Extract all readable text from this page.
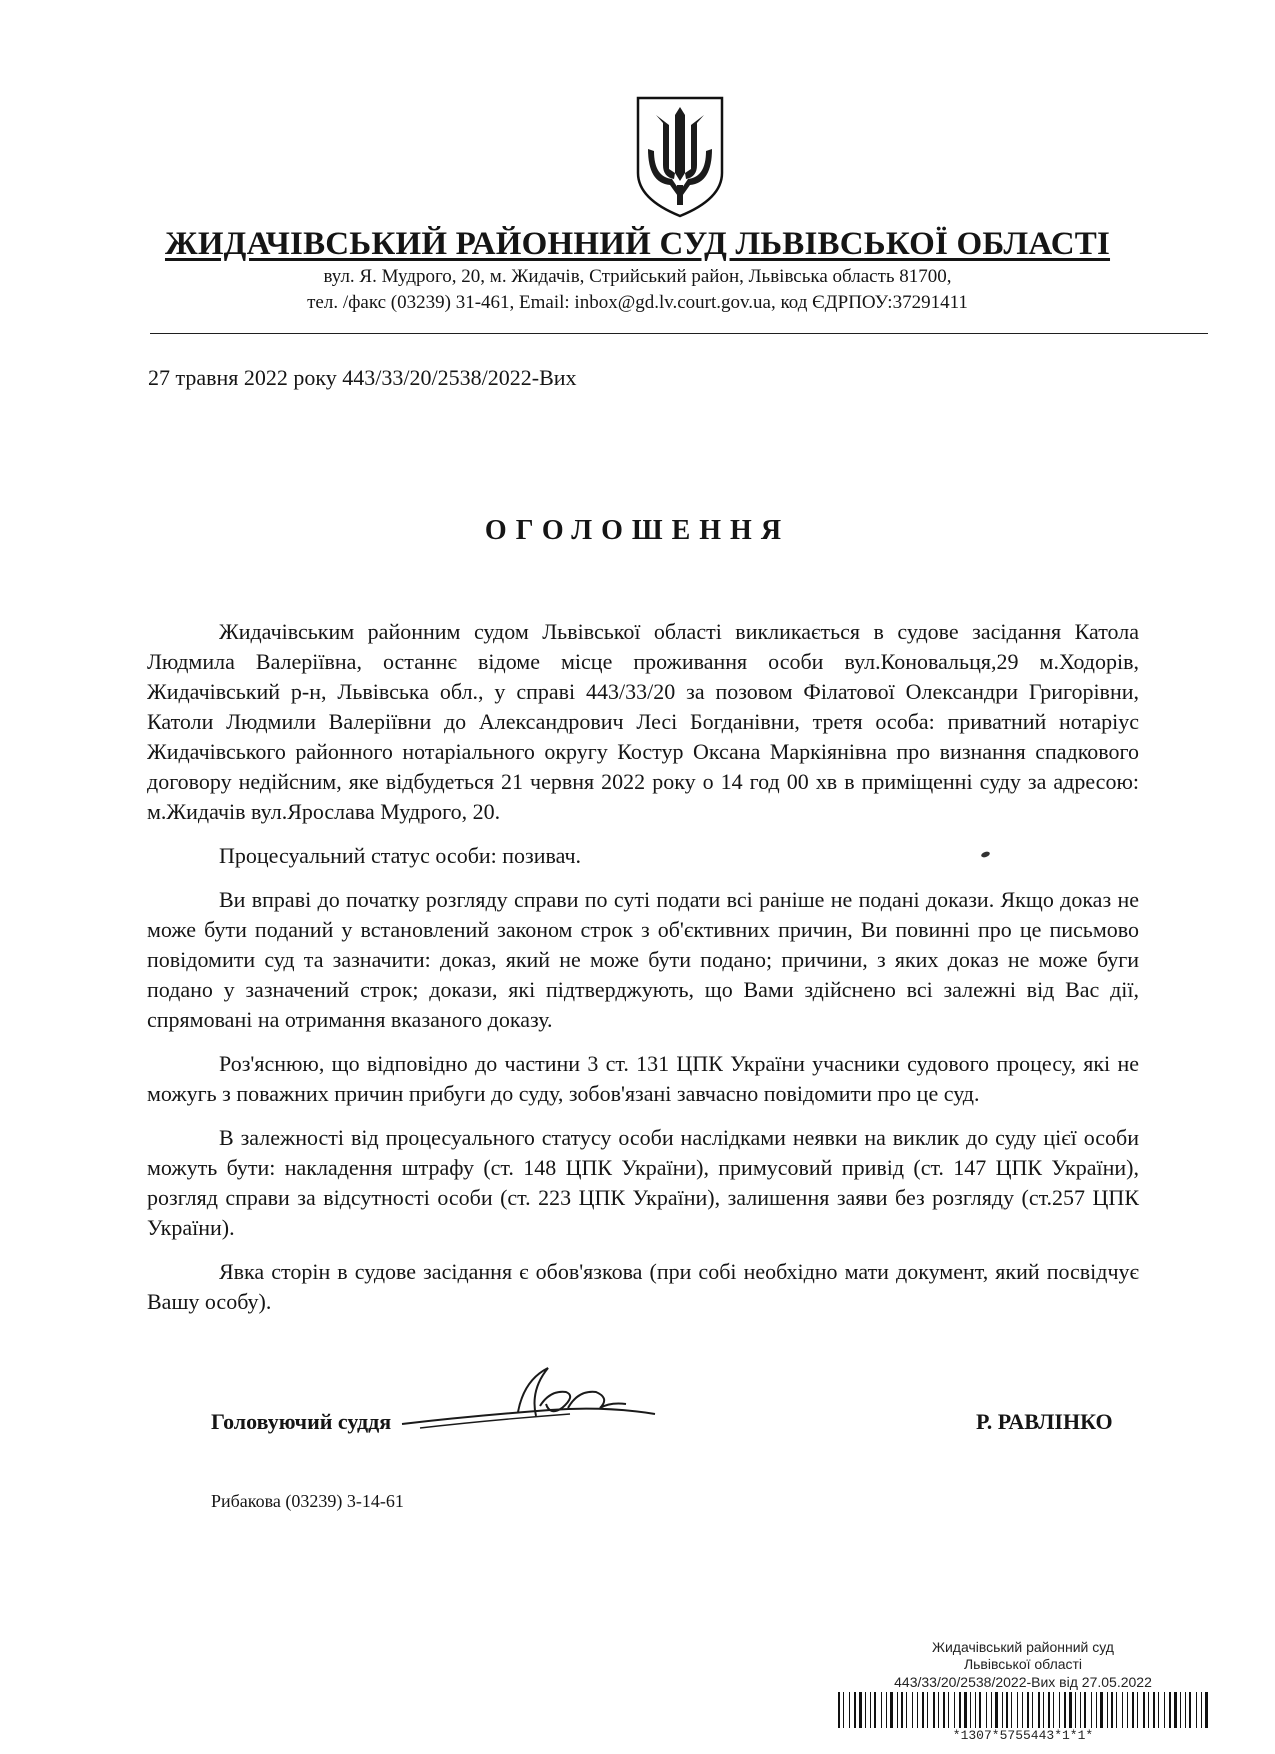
ЖИДАЧІВСЬКИЙ РАЙОННИЙ СУД ЛЬВІВСЬКОЇ ОБЛАСТІ
вул. Я. Мудрого, 20, м. Жидачів, Стрийський район, Львівська область 81700,
тел. /факс (03239) 31-461, Email: inbox@gd.lv.court.gov.ua, код ЄДРПОУ:37291411
27 травня 2022 року 443/33/20/2538/2022-Вих
ОГОЛОШЕННЯ

Жидачівським районним судом Львівської області викликається в судове засідання Катола Людмила Валеріївна, останнє відоме місце проживання особи вул.Коновальця,29 м.Ходорів, Жидачівський р-н, Львівська обл., у справі 443/33/20 за позовом Філатової Олександри Григорівни, Католи Людмили Валеріївни до Александрович Лесі Богданівни, третя особа: приватний нотаріус Жидачівського районного нотаріального округу Костур Оксана Маркіянівна про визнання спадкового договору недійсним, яке відбудеться 21 червня 2022 року о 14 год 00 хв в приміщенні суду за адресою: м.Жидачів вул.Ярослава Мудрого, 20.

Процесуальний статус особи: позивач.

Ви вправі до початку розгляду справи по суті подати всі раніше не подані докази. Якщо доказ не може бути поданий у встановлений законом строк з об'єктивних причин, Ви повинні про це письмово повідомити суд та зазначити: доказ, який не може бути подано; причини, з яких доказ не може буги подано у зазначений строк; докази, які підтверджують, що Вами здійснено всі залежні від Вас дії, спрямовані на отримання вказаного доказу.

Роз'яснюю, що відповідно до частини 3 ст. 131 ЦПК України учасники судового процесу, які не можугь з поважних причин прибуги до суду, зобов'язані завчасно повідомити про це суд.

В залежності від процесуального статусу особи наслідками неявки на виклик до суду цієї особи можуть бути: накладення штрафу (ст. 148 ЦПК України), примусовий привід (ст. 147 ЦПК України), розгляд справи за відсутності особи (ст. 223 ЦПК України), залишення заяви без розгляду (ст.257 ЦПК України).

Явка сторін в судове засідання є обов'язкова (при собі необхідно мати документ, який посвідчує Вашу особу).

Головуючий суддя	Р. РАВЛІНКО
Рибакова (03239) 3-14-61
Жидачівський районний суд
Львівської області
443/33/20/2538/2022-Вих від 27.05.2022
*1307*5755443*1*1*
